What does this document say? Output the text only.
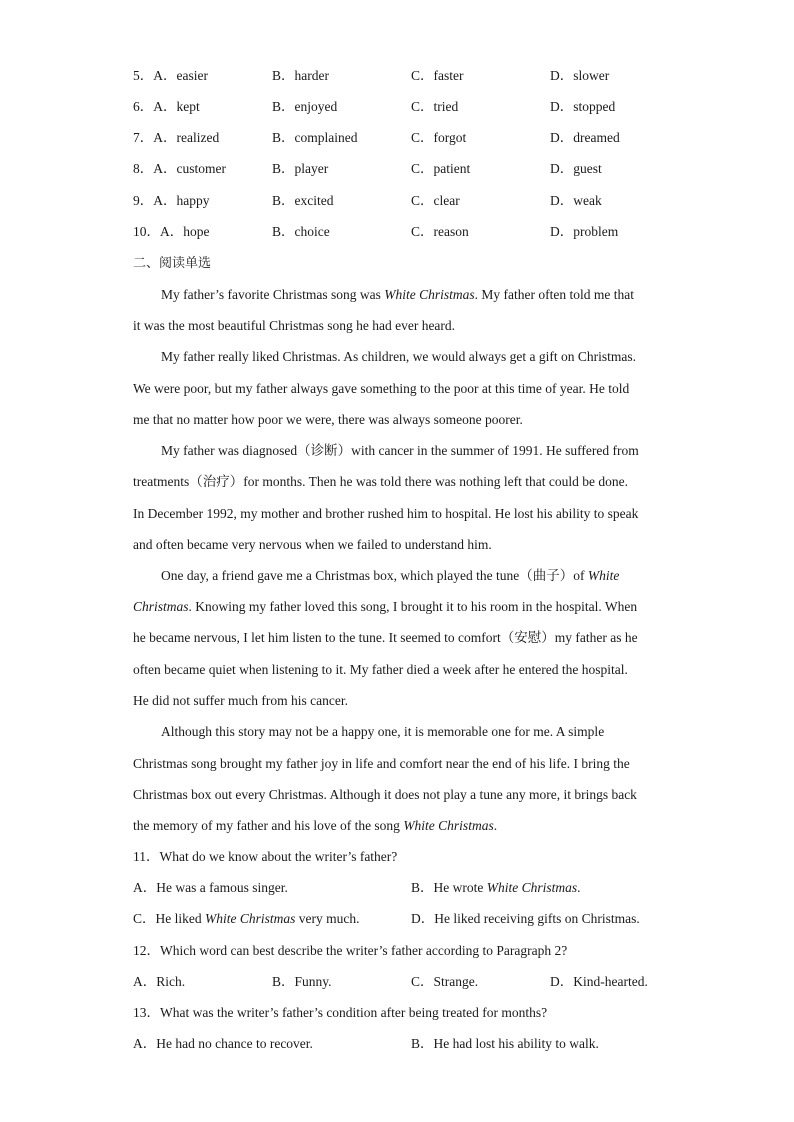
5．A．easier	B．harder	C．faster	D．slower
6．A．kept	B．enjoyed	C．tried	D．stopped
7．A．realized	B．complained	C．forgot	D．dreamed
8．A．customer	B．player	C．patient	D．guest
9．A．happy	B．excited	C．clear	D．weak
10．A．hope	B．choice	C．reason	D．problem
二、阅读单选
My father’s favorite Christmas song was White Christmas. My father often told me that
it was the most beautiful Christmas song he had ever heard.
My father really liked Christmas. As children, we would always get a gift on Christmas.
We were poor, but my father always gave something to the poor at this time of year. He told
me that no matter how poor we were, there was always someone poorer.
My father was diagnosed（诊断）with cancer in the summer of 1991. He suffered from
treatments（治疗）for months. Then he was told there was nothing left that could be done.
In December 1992, my mother and brother rushed him to hospital. He lost his ability to speak
and often became very nervous when we failed to understand him.
One day, a friend gave me a Christmas box, which played the tune（曲子）of White
Christmas. Knowing my father loved this song, I brought it to his room in the hospital. When
he became nervous, I let him listen to the tune. It seemed to comfort（安慰）my father as he
often became quiet when listening to it. My father died a week after he entered the hospital.
He did not suffer much from his cancer.
Although this story may not be a happy one, it is memorable one for me. A simple
Christmas song brought my father joy in life and comfort near the end of his life. I bring the
Christmas box out every Christmas. Although it does not play a tune any more, it brings back
the memory of my father and his love of the song White Christmas.
11．What do we know about the writer’s father?
A．He was a famous singer.	B．He wrote White Christmas.
C．He liked White Christmas very much.	D．He liked receiving gifts on Christmas.
12．Which word can best describe the writer’s father according to Paragraph 2?
A．Rich.	B．Funny.	C．Strange.	D．Kind-hearted.
13．What was the writer’s father’s condition after being treated for months?
A．He had no chance to recover.	B．He had lost his ability to walk.
